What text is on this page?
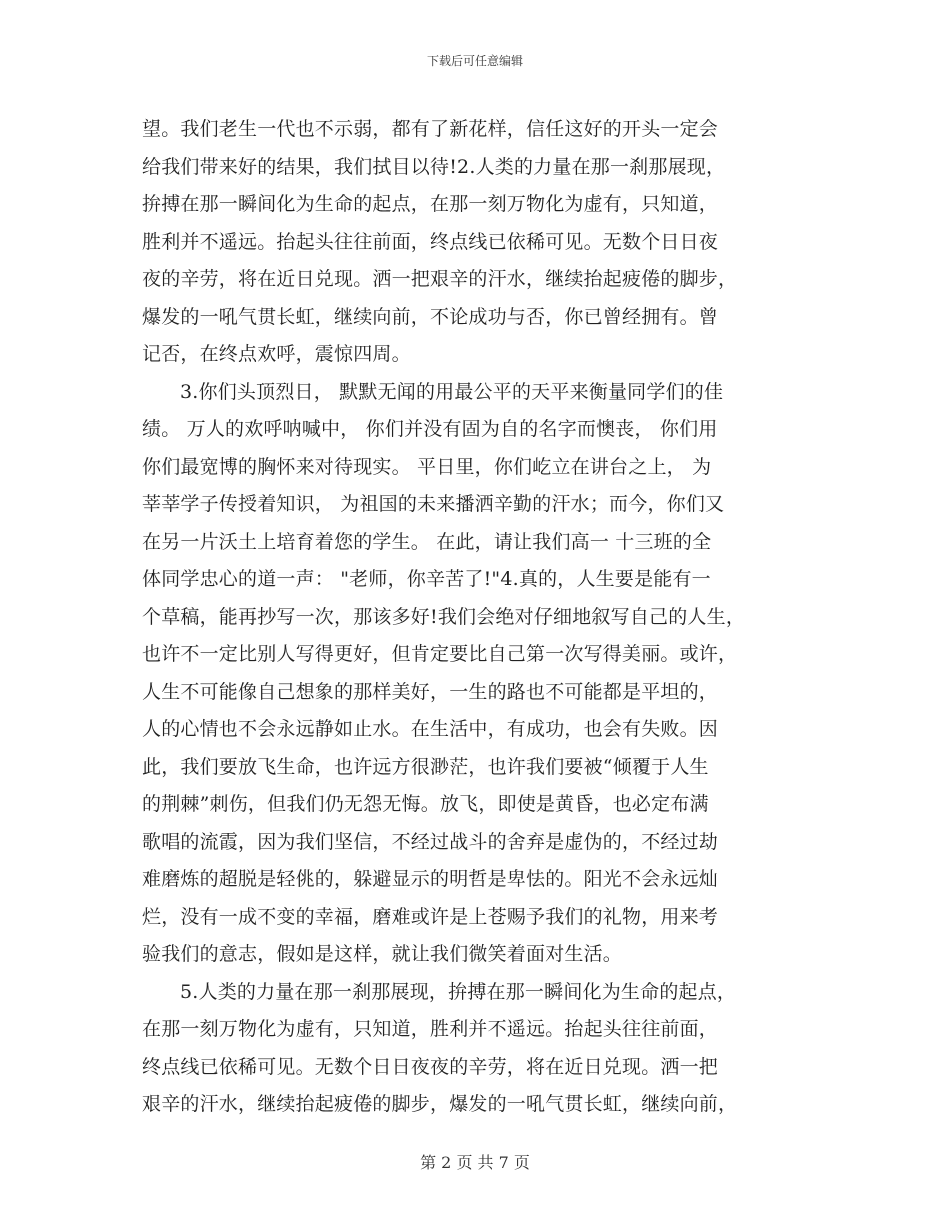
下载后可任意编辑
望。我们老生一代也不示弱，都有了新花样，信任这好的开头一定会
给我们带来好的结果，我们拭目以待!2.人类的力量在那一刹那展现，
拚搏在那一瞬间化为生命的起点，在那一刻万物化为虚有，只知道，
胜利并不遥远。抬起头往往前面，终点线已依稀可见。无数个日日夜
夜的辛劳，将在近日兑现。洒一把艰辛的汗水，继续抬起疲倦的脚步，
爆发的一吼气贯长虹，继续向前，不论成功与否，你已曾经拥有。曾
记否，在终点欢呼，震惊四周。
3.你们头顶烈日， 默默无闻的用最公平的天平来衡量同学们的佳
绩。 万人的欢呼呐喊中， 你们并没有固为自的名字而懊丧， 你们用
你们最宽博的胸怀来对待现实。 平日里，你们屹立在讲台之上， 为
莘莘学子传授着知识， 为祖国的未来播洒辛勤的汗水；而今，你们又
在另一片沃土上培育着您的学生。 在此，请让我们高一 十三班的全
体同学忠心的道一声： "老师，你辛苦了!"4.真的，人生要是能有一
个草稿，能再抄写一次，那该多好!我们会绝对仔细地叙写自己的人生，
也许不一定比别人写得更好，但肯定要比自己第一次写得美丽。或许，
人生不可能像自己想象的那样美好，一生的路也不可能都是平坦的，
人的心情也不会永远静如止水。在生活中，有成功，也会有失败。因
此，我们要放飞生命，也许远方很渺茫，也许我们要被“倾覆于人生
的荆棘”刺伤，但我们仍无怨无悔。放飞，即使是黄昏，也必定布满
歌唱的流霞，因为我们坚信，不经过战斗的舍弃是虚伪的，不经过劫
难磨炼的超脱是轻佻的，躲避显示的明哲是卑怯的。阳光不会永远灿
烂，没有一成不变的幸福，磨难或许是上苍赐予我们的礼物，用来考
验我们的意志，假如是这样，就让我们微笑着面对生活。
5.人类的力量在那一刹那展现，拚搏在那一瞬间化为生命的起点，
在那一刻万物化为虚有，只知道，胜利并不遥远。抬起头往往前面，
终点线已依稀可见。无数个日日夜夜的辛劳，将在近日兑现。洒一把
艰辛的汗水，继续抬起疲倦的脚步，爆发的一吼气贯长虹，继续向前，
第 2 页 共 7 页
